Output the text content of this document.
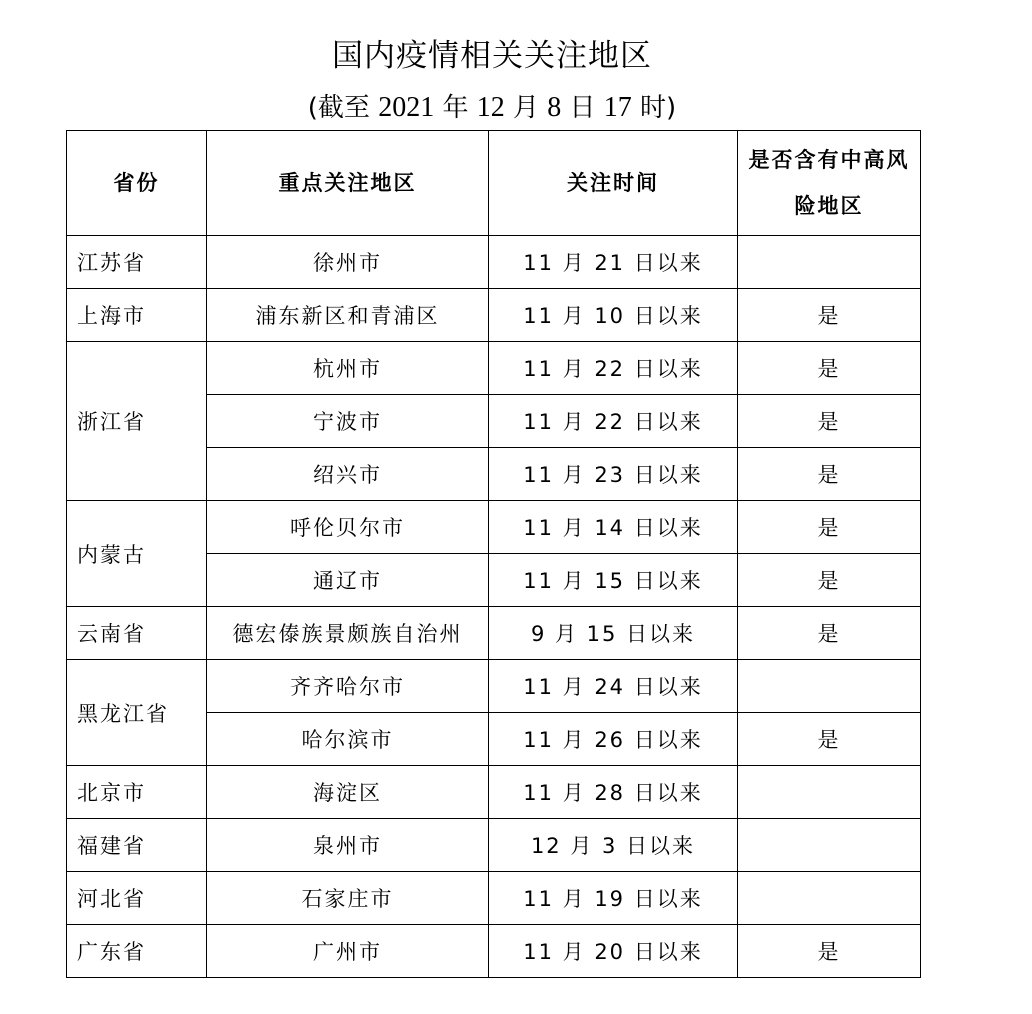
国内疫情相关关注地区
(截至 2021 年 12 月 8 日 17 时)
省份	重点关注地区	关注时间	是否含有中高风险地区
江苏省	徐州市	11 月 21 日以来	
上海市	浦东新区和青浦区	11 月 10 日以来	是
浙江省	杭州市	11 月 22 日以来	是
	宁波市	11 月 22 日以来	是
	绍兴市	11 月 23 日以来	是
内蒙古	呼伦贝尔市	11 月 14 日以来	是
	通辽市	11 月 15 日以来	是
云南省	德宏傣族景颇族自治州	9 月 15 日以来	是
黑龙江省	齐齐哈尔市	11 月 24 日以来	
	哈尔滨市	11 月 26 日以来	是
北京市	海淀区	11 月 28 日以来	
福建省	泉州市	12 月 3 日以来	
河北省	石家庄市	11 月 19 日以来	
广东省	广州市	11 月 20 日以来	是
